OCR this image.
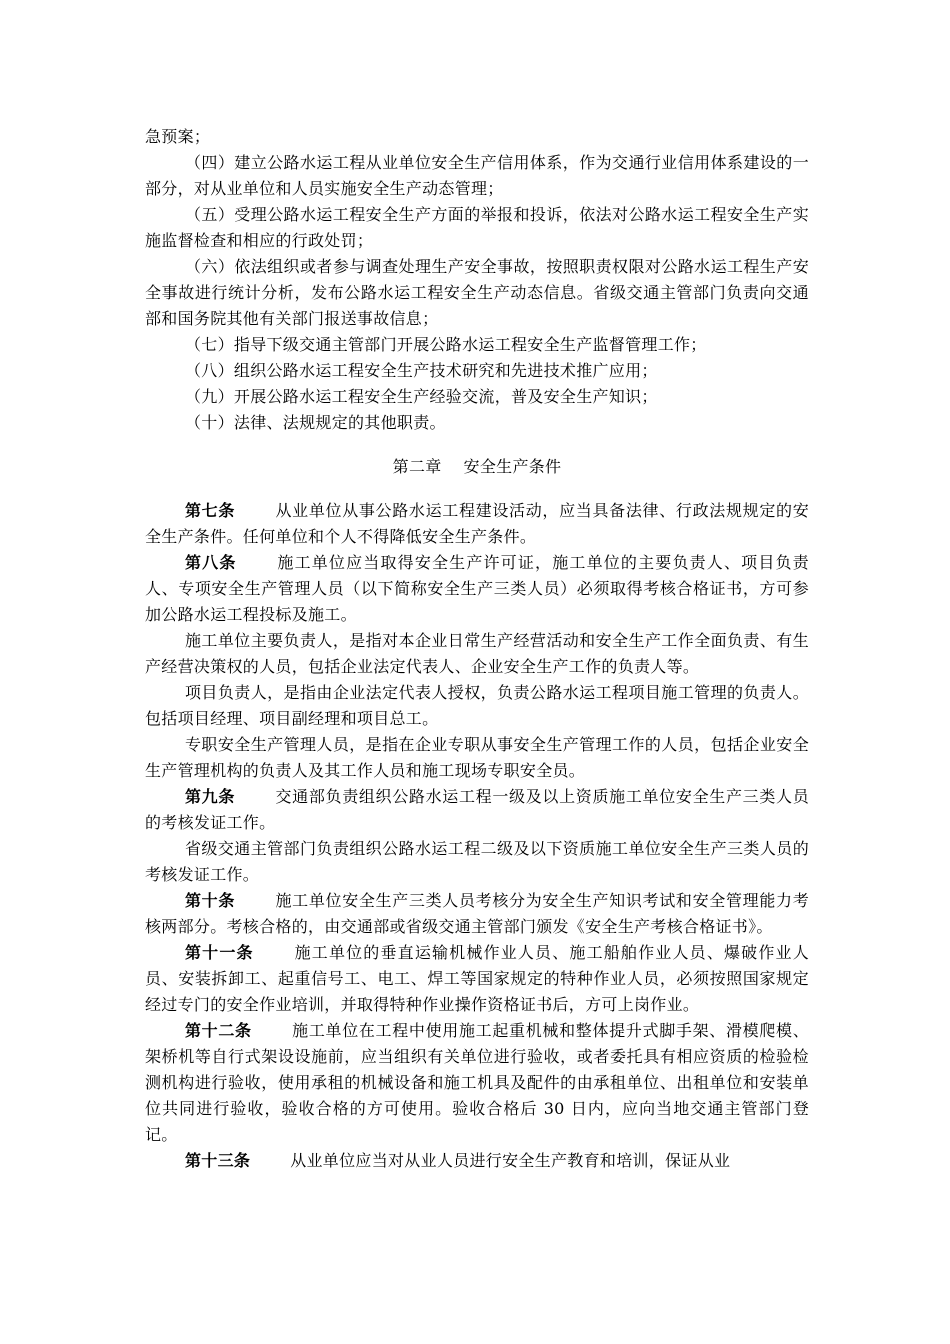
急预案；

（四）建立公路水运工程从业单位安全生产信用体系，作为交通行业信用体系建设的一部分，对从业单位和人员实施安全生产动态管理；

（五）受理公路水运工程安全生产方面的举报和投诉，依法对公路水运工程安全生产实施监督检查和相应的行政处罚；

（六）依法组织或者参与调查处理生产安全事故，按照职责权限对公路水运工程生产安全事故进行统计分析，发布公路水运工程安全生产动态信息。省级交通主管部门负责向交通部和国务院其他有关部门报送事故信息；

（七）指导下级交通主管部门开展公路水运工程安全生产监督管理工作；

（八）组织公路水运工程安全生产技术研究和先进技术推广应用；

（九）开展公路水运工程安全生产经验交流，普及安全生产知识；

（十）法律、法规规定的其他职责。

第二章 安全生产条件

第七条	从业单位从事公路水运工程建设活动，应当具备法律、行政法规规定的安全生产条件。任何单位和个人不得降低安全生产条件。

第八条	施工单位应当取得安全生产许可证，施工单位的主要负责人、项目负责人、专项安全生产管理人员（以下简称安全生产三类人员）必须取得考核合格证书，方可参加公路水运工程投标及施工。

施工单位主要负责人，是指对本企业日常生产经营活动和安全生产工作全面负责、有生产经营决策权的人员，包括企业法定代表人、企业安全生产工作的负责人等。

项目负责人，是指由企业法定代表人授权，负责公路水运工程项目施工管理的负责人。包括项目经理、项目副经理和项目总工。

专职安全生产管理人员，是指在企业专职从事安全生产管理工作的人员，包括企业安全生产管理机构的负责人及其工作人员和施工现场专职安全员。

第九条	交通部负责组织公路水运工程一级及以上资质施工单位安全生产三类人员的考核发证工作。

省级交通主管部门负责组织公路水运工程二级及以下资质施工单位安全生产三类人员的考核发证工作。

第十条	施工单位安全生产三类人员考核分为安全生产知识考试和安全管理能力考核两部分。考核合格的，由交通部或省级交通主管部门颁发《安全生产考核合格证书》。

第十一条	施工单位的垂直运输机械作业人员、施工船舶作业人员、爆破作业人员、安装拆卸工、起重信号工、电工、焊工等国家规定的特种作业人员，必须按照国家规定经过专门的安全作业培训，并取得特种作业操作资格证书后，方可上岗作业。

第十二条	施工单位在工程中使用施工起重机械和整体提升式脚手架、滑模爬模、架桥机等自行式架设设施前，应当组织有关单位进行验收，或者委托具有相应资质的检验检测机构进行验收，使用承租的机械设备和施工机具及配件的由承租单位、出租单位和安装单位共同进行验收，验收合格的方可使用。验收合格后 30 日内，应向当地交通主管部门登记。

第十三条	从业单位应当对从业人员进行安全生产教育和培训，保证从业
